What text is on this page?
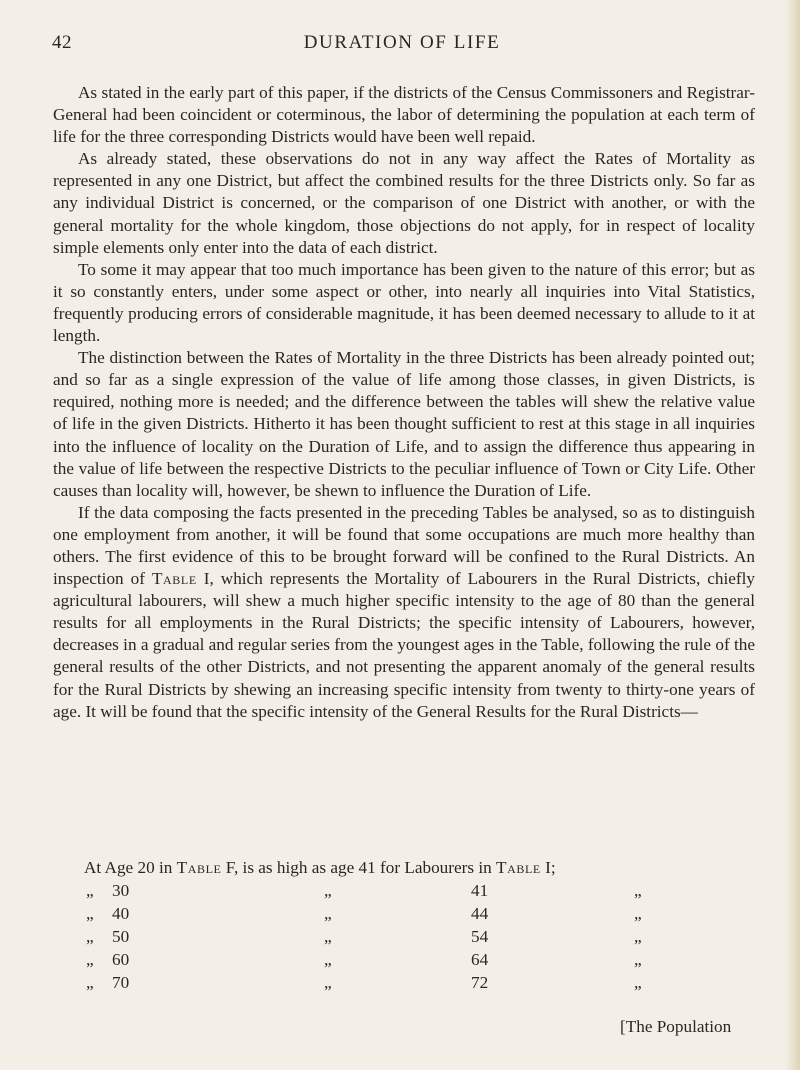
42	DURATION OF LIFE

As stated in the early part of this paper, if the districts of the Census Commissoners and Registrar-General had been coincident or coterminous, the labor of determining the population at each term of life for the three corresponding Districts would have been well repaid.

As already stated, these observations do not in any way affect the Rates of Mortality as represented in any one District, but affect the combined results for the three Districts only. So far as any individual District is concerned, or the comparison of one District with another, or with the general mortality for the whole kingdom, those objections do not apply, for in respect of locality simple elements only enter into the data of each district.

To some it may appear that too much importance has been given to the nature of this error; but as it so constantly enters, under some aspect or other, into nearly all inquiries into Vital Statistics, frequently producing errors of considerable magnitude, it has been deemed necessary to allude to it at length.

The distinction between the Rates of Mortality in the three Districts has been already pointed out; and so far as a single expression of the value of life among those classes, in given Districts, is required, nothing more is needed; and the difference between the tables will shew the relative value of life in the given Districts. Hitherto it has been thought sufficient to rest at this stage in all inquiries into the influence of locality on the Duration of Life, and to assign the difference thus appearing in the value of life between the respective Districts to the peculiar influence of Town or City Life. Other causes than locality will, however, be shewn to influence the Duration of Life.

If the data composing the facts presented in the preceding Tables be analysed, so as to distinguish one employment from another, it will be found that some occupations are much more healthy than others. The first evidence of this to be brought forward will be confined to the Rural Districts. An inspection of Table I, which represents the Mortality of Labourers in the Rural Districts, chiefly agricultural labourers, will shew a much higher specific intensity to the age of 80 than the general results for all employments in the Rural Districts; the specific intensity of Labourers, however, decreases in a gradual and regular series from the youngest ages in the Table, following the rule of the general results of the other Districts, and not presenting the apparent anomaly of the general results for the Rural Districts by shewing an increasing specific intensity from twenty to thirty-one years of age. It will be found that the specific intensity of the General Results for the Rural Districts—

At Age 20 in Table F, is as high as age 41 for Labourers in Table I;
„ 30	„	41	„
„ 40	„	44	„
„ 50	„	54	„
„ 60	„	64	„
„ 70	„	72	„
[The Population
